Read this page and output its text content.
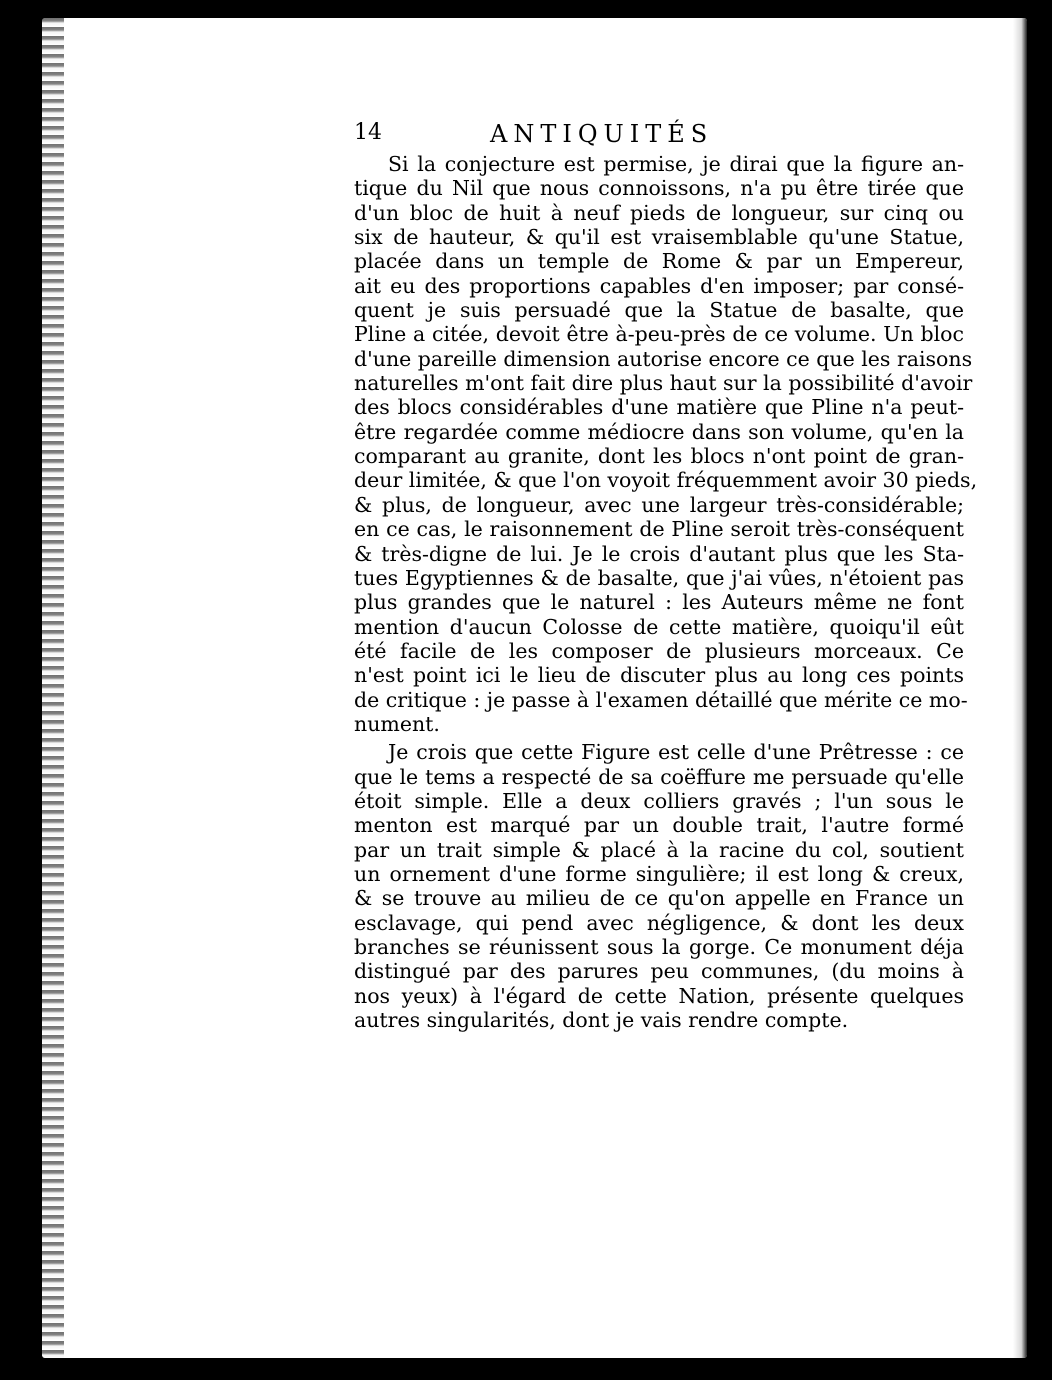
14	ANTIQUITÉS
Si la conjecture est permise, je dirai que la figure an-
tique du Nil que nous connoissons, n'a pu être tirée que
d'un bloc de huit à neuf pieds de longueur, sur cinq ou
six de hauteur, & qu'il est vraisemblable qu'une Statue,
placée dans un temple de Rome & par un Empereur,
ait eu des proportions capables d'en imposer; par consé-
quent je suis persuadé que la Statue de basalte, que
Pline a citée, devoit être à-peu-près de ce volume. Un bloc
d'une pareille dimension autorise encore ce que les raisons
naturelles m'ont fait dire plus haut sur la possibilité d'avoir
des blocs considérables d'une matière que Pline n'a peut-
être regardée comme médiocre dans son volume, qu'en la
comparant au granite, dont les blocs n'ont point de gran-
deur limitée, & que l'on voyoit fréquemment avoir 30 pieds,
& plus, de longueur, avec une largeur très-considérable;
en ce cas, le raisonnement de Pline seroit très-conséquent
& très-digne de lui. Je le crois d'autant plus que les Sta-
tues Egyptiennes & de basalte, que j'ai vûes, n'étoient pas
plus grandes que le naturel : les Auteurs même ne font
mention d'aucun Colosse de cette matière, quoiqu'il eût
été facile de les composer de plusieurs morceaux. Ce
n'est point ici le lieu de discuter plus au long ces points
de critique : je passe à l'examen détaillé que mérite ce mo-
nument.
Je crois que cette Figure est celle d'une Prêtresse : ce
que le tems a respecté de sa coëffure me persuade qu'elle
étoit simple. Elle a deux colliers gravés ; l'un sous le
menton est marqué par un double trait, l'autre formé
par un trait simple & placé à la racine du col, soutient
un ornement d'une forme singulière; il est long & creux,
& se trouve au milieu de ce qu'on appelle en France un
esclavage, qui pend avec négligence, & dont les deux
branches se réunissent sous la gorge. Ce monument déja
distingué par des parures peu communes, (du moins à
nos yeux) à l'égard de cette Nation, présente quelques
autres singularités, dont je vais rendre compte.
